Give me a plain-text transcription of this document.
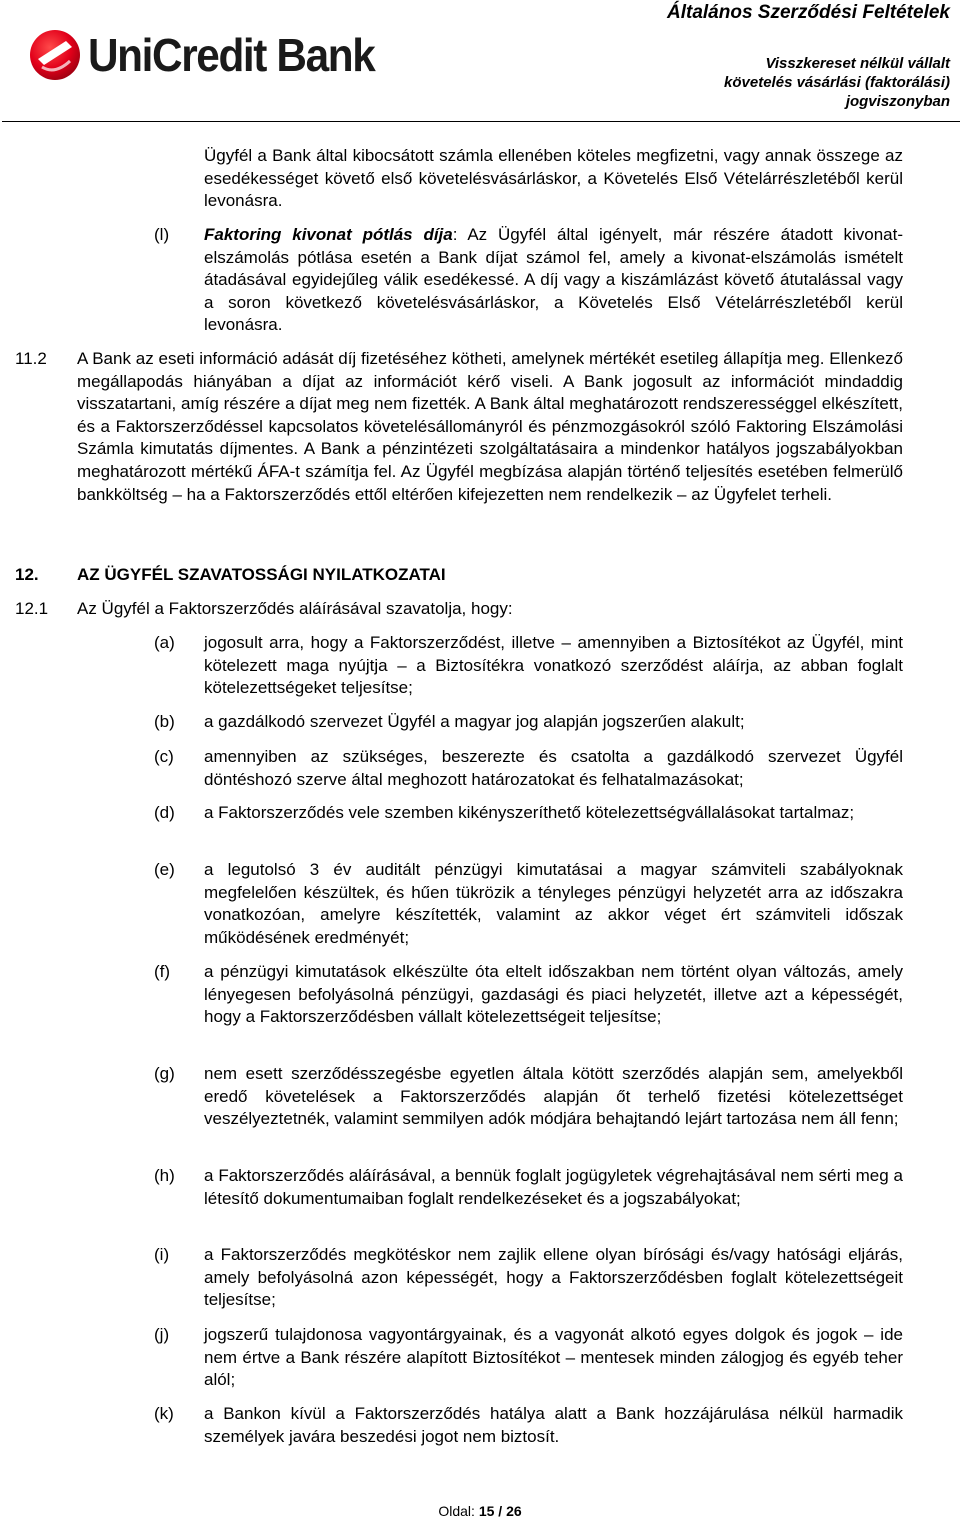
UniCredit Bank
Általános Szerződési Feltételek
Visszkereset nélkül vállalt
követelés vásárlási (faktorálási)
jogviszonyban
Ügyfél a Bank által kibocsátott számla ellenében köteles megfizetni, vagy annak összege az esedékességet követő első követelésvásárláskor, a Követelés Első Vételárrészletéből kerül levonásra.
(l) Faktoring kivonat pótlás díja: Az Ügyfél által igényelt, már részére átadott kivonat-elszámolás pótlása esetén a Bank díjat számol fel, amely a kivonat-elszámolás ismételt átadásával egyidejűleg válik esedékessé. A díj vagy a kiszámlázást követő átutalással vagy a soron következő követelésvásárláskor, a Követelés Első Vételárrészletéből kerül levonásra.
11.2 A Bank az eseti információ adását díj fizetéséhez kötheti, amelynek mértékét esetileg állapítja meg. Ellenkező megállapodás hiányában a díjat az információt kérő viseli. A Bank jogosult az információt mindaddig visszatartani, amíg részére a díjat meg nem fizették. A Bank által meghatározott rendszerességgel elkészített, és a Faktorszerződéssel kapcsolatos követelésállományról és pénzmozgásokról szóló Faktoring Elszámolási Számla kimutatás díjmentes. A Bank a pénzintézeti szolgáltatásaira a mindenkor hatályos jogszabályokban meghatározott mértékű ÁFA-t számítja fel. Az Ügyfél megbízása alapján történő teljesítés esetében felmerülő bankköltség – ha a Faktorszerződés ettől eltérően kifejezetten nem rendelkezik – az Ügyfelet terheli.
12. AZ ÜGYFÉL SZAVATOSSÁGI NYILATKOZATAI
12.1 Az Ügyfél a Faktorszerződés aláírásával szavatolja, hogy:
(a) jogosult arra, hogy a Faktorszerződést, illetve – amennyiben a Biztosítékot az Ügyfél, mint kötelezett maga nyújtja – a Biztosítékra vonatkozó szerződést aláírja, az abban foglalt kötelezettségeket teljesítse;
(b) a gazdálkodó szervezet Ügyfél a magyar jog alapján jogszerűen alakult;
(c) amennyiben az szükséges, beszerezte és csatolta a gazdálkodó szervezet Ügyfél döntéshozó szerve által meghozott határozatokat és felhatalmazásokat;
(d) a Faktorszerződés vele szemben kikényszeríthető kötelezettségvállalásokat tartalmaz;
(e) a legutolsó 3 év auditált pénzügyi kimutatásai a magyar számviteli szabályoknak megfelelően készültek, és hűen tükrözik a tényleges pénzügyi helyzetét arra az időszakra vonatkozóan, amelyre készítették, valamint az akkor véget ért számviteli időszak működésének eredményét;
(f) a pénzügyi kimutatások elkészülte óta eltelt időszakban nem történt olyan változás, amely lényegesen befolyásolná pénzügyi, gazdasági és piaci helyzetét, illetve azt a képességét, hogy a Faktorszerződésben vállalt kötelezettségeit teljesítse;
(g) nem esett szerződésszegésbe egyetlen általa kötött szerződés alapján sem, amelyekből eredő követelések a Faktorszerződés alapján őt terhelő fizetési kötelezettséget veszélyeztetnék, valamint semmilyen adók módjára behajtandó lejárt tartozása nem áll fenn;
(h) a Faktorszerződés aláírásával, a bennük foglalt jogügyletek végrehajtásával nem sérti meg a létesítő dokumentumaiban foglalt rendelkezéseket és a jogszabályokat;
(i) a Faktorszerződés megkötéskor nem zajlik ellene olyan bírósági és/vagy hatósági eljárás, amely befolyásolná azon képességét, hogy a Faktorszerződésben foglalt kötelezettségeit teljesítse;
(j) jogszerű tulajdonosa vagyontárgyainak, és a vagyonát alkotó egyes dolgok és jogok – ide nem értve a Bank részére alapított Biztosítékot – mentesek minden zálogjog és egyéb teher alól;
(k) a Bankon kívül a Faktorszerződés hatálya alatt a Bank hozzájárulása nélkül harmadik személyek javára beszedési jogot nem biztosít.
Oldal: 15 / 26
